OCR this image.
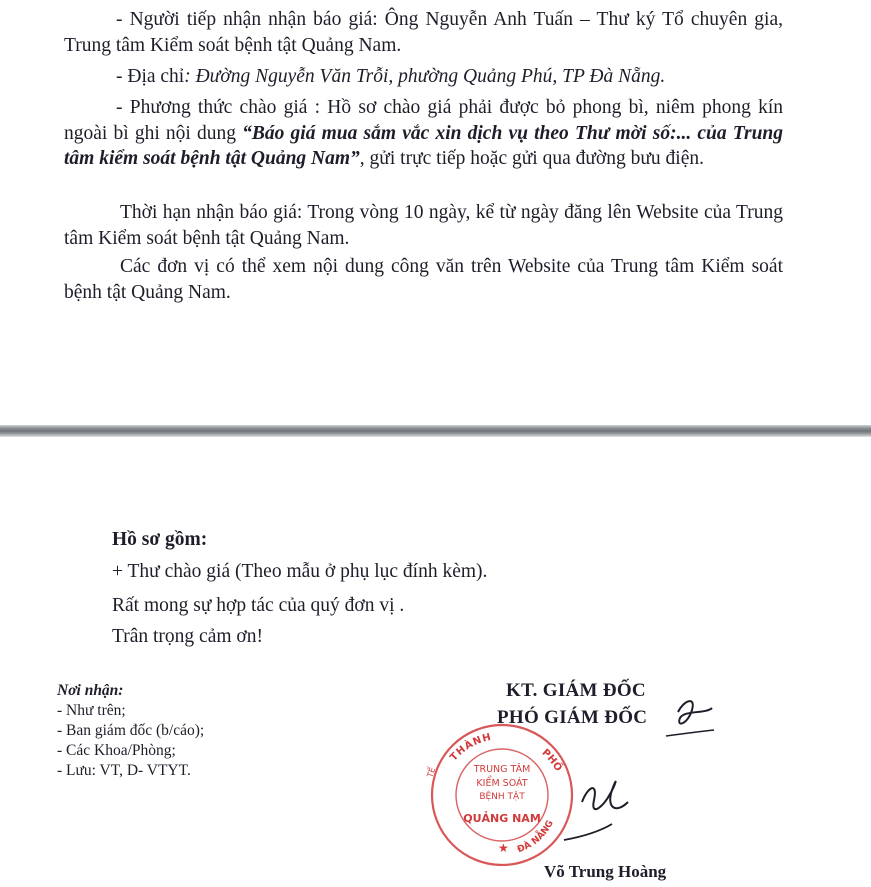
- Người tiếp nhận nhận báo giá: Ông Nguyễn Anh Tuấn – Thư ký Tổ chuyên gia, Trung tâm Kiểm soát bệnh tật Quảng Nam.

- Địa chỉ: Đường Nguyễn Văn Trỗi, phường Quảng Phú, TP Đà Nẵng.

- Phương thức chào giá : Hồ sơ chào giá phải được bỏ phong bì, niêm phong kín ngoài bì ghi nội dung “Báo giá mua sắm vắc xin dịch vụ theo Thư mời số:... của Trung tâm kiểm soát bệnh tật Quảng Nam”, gửi trực tiếp hoặc gửi qua đường bưu điện.

Thời hạn nhận báo giá: Trong vòng 10 ngày, kể từ ngày đăng lên Website của Trung tâm Kiểm soát bệnh tật Quảng Nam.

Các đơn vị có thể xem nội dung công văn trên Website của Trung tâm Kiểm soát bệnh tật Quảng Nam.

Hồ sơ gồm:
+ Thư chào giá (Theo mẫu ở phụ lục đính kèm).
Rất mong sự hợp tác của quý đơn vị .
Trân trọng cảm ơn!
Nơi nhận:
- Như trên;
- Ban giám đốc (b/cáo);
- Các Khoa/Phòng;
- Lưu: VT, D- VTYT.
KT. GIÁM ĐỐC
PHÓ GIÁM ĐỐC
THÀNH
PHỐ
ĐÀ NẴNG
TẾ	TRUNG TÂM
KIỂM SOÁT
BỆNH TẬT
QUẢNG NAM
★
Võ Trung Hoàng
